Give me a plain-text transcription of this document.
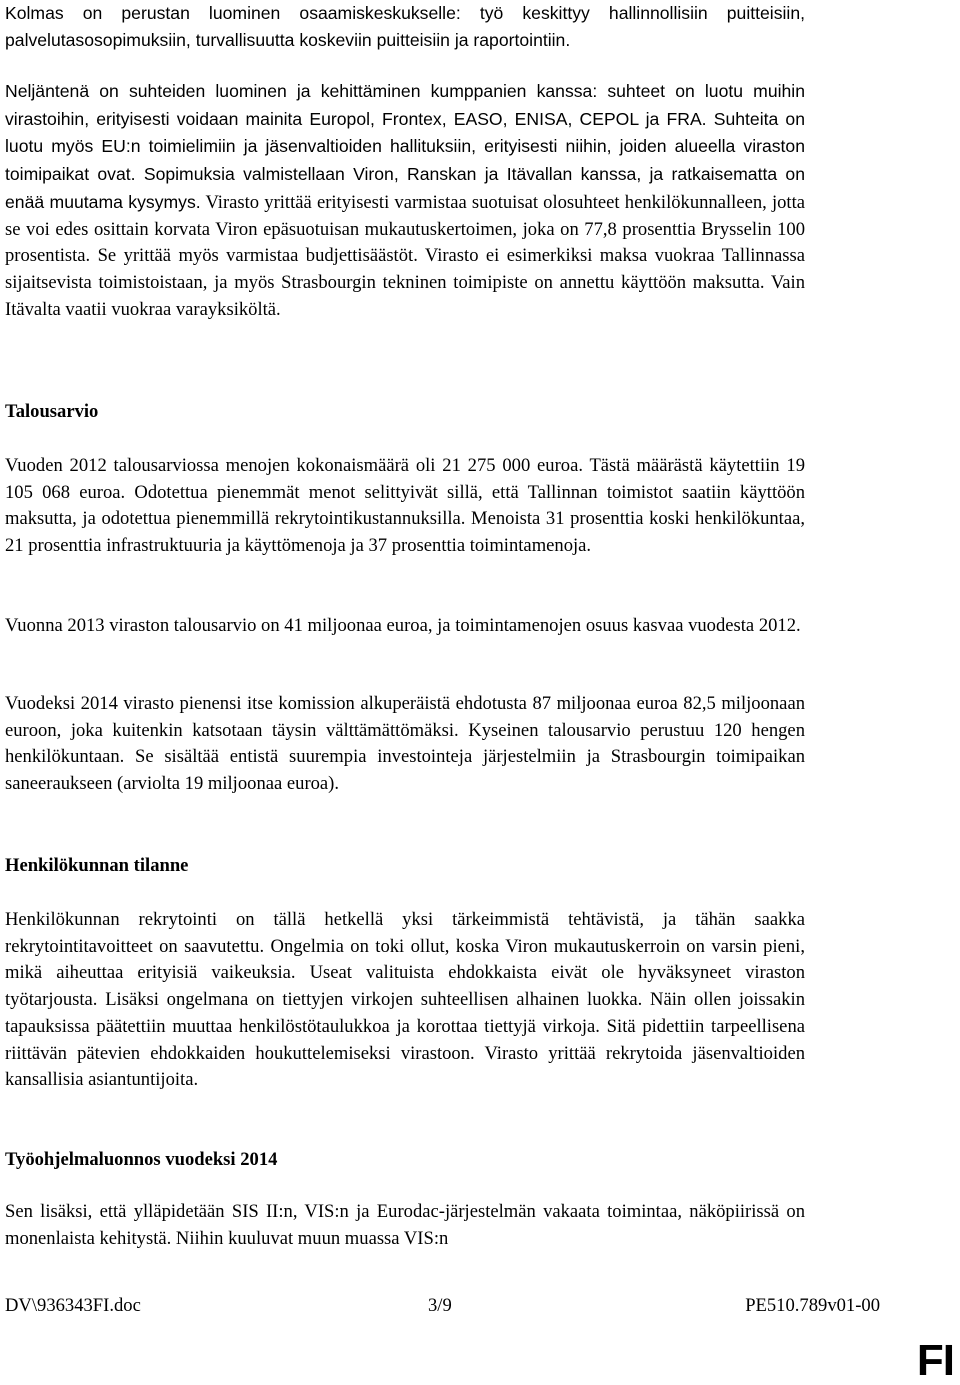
Kolmas on perustan luominen osaamiskeskukselle: työ keskittyy hallinnollisiin puitteisiin, palvelutasosopimuksiin, turvallisuutta koskeviin puitteisiin ja raportointiin.

Neljäntenä on suhteiden luominen ja kehittäminen kumppanien kanssa: suhteet on luotu muihin virastoihin, erityisesti voidaan mainita Europol, Frontex, EASO, ENISA, CEPOL ja FRA. Suhteita on luotu myös EU:n toimielimiin ja jäsenvaltioiden hallituksiin, erityisesti niihin, joiden alueella viraston toimipaikat ovat. Sopimuksia valmistellaan Viron, Ranskan ja Itävallan kanssa, ja ratkaisematta on enää muutama kysymys. Virasto yrittää erityisesti varmistaa suotuisat olosuhteet henkilökunnalleen, jotta se voi edes osittain korvata Viron epäsuotuisan mukautuskertoimen, joka on 77,8 prosenttia Brysselin 100 prosentista. Se yrittää myös varmistaa budjettisäästöt. Virasto ei esimerkiksi maksa vuokraa Tallinnassa sijaitsevista toimistoistaan, ja myös Strasbourgin tekninen toimipiste on annettu käyttöön maksutta. Vain Itävalta vaatii vuokraa varayksiköltä.

Talousarvio

Vuoden 2012 talousarviossa menojen kokonaismäärä oli 21 275 000 euroa. Tästä määrästä käytettiin 19 105 068 euroa. Odotettua pienemmät menot selittyivät sillä, että Tallinnan toimistot saatiin käyttöön maksutta, ja odotettua pienemmillä rekrytointikustannuksilla. Menoista 31 prosenttia koski henkilökuntaa, 21 prosenttia infrastruktuuria ja käyttömenoja ja 37 prosenttia toimintamenoja.

Vuonna 2013 viraston talousarvio on 41 miljoonaa euroa, ja toimintamenojen osuus kasvaa vuodesta 2012.

Vuodeksi 2014 virasto pienensi itse komission alkuperäistä ehdotusta 87 miljoonaa euroa 82,5 miljoonaan euroon, joka kuitenkin katsotaan täysin välttämättömäksi. Kyseinen talousarvio perustuu 120 hengen henkilökuntaan. Se sisältää entistä suurempia investointeja järjestelmiin ja Strasbourgin toimipaikan saneeraukseen (arviolta 19 miljoonaa euroa).

Henkilökunnan tilanne

Henkilökunnan rekrytointi on tällä hetkellä yksi tärkeimmistä tehtävistä, ja tähän saakka rekrytointitavoitteet on saavutettu. Ongelmia on toki ollut, koska Viron mukautuskerroin on varsin pieni, mikä aiheuttaa erityisiä vaikeuksia. Useat valituista ehdokkaista eivät ole hyväksyneet viraston työtarjousta. Lisäksi ongelmana on tiettyjen virkojen suhteellisen alhainen luokka. Näin ollen joissakin tapauksissa päätettiin muuttaa henkilöstötaulukkoa ja korottaa tiettyjä virkoja. Sitä pidettiin tarpeellisena riittävän pätevien ehdokkaiden houkuttelemiseksi virastoon. Virasto yrittää rekrytoida jäsenvaltioiden kansallisia asiantuntijoita.

Työohjelmaluonnos vuodeksi 2014

Sen lisäksi, että ylläpidetään SIS II:n, VIS:n ja Eurodac-järjestelmän vakaata toimintaa, näköpiirissä on monenlaista kehitystä. Niihin kuuluvat muun muassa VIS:n

DV\936343FI.doc	3/9	PE510.789v01-00
FI
